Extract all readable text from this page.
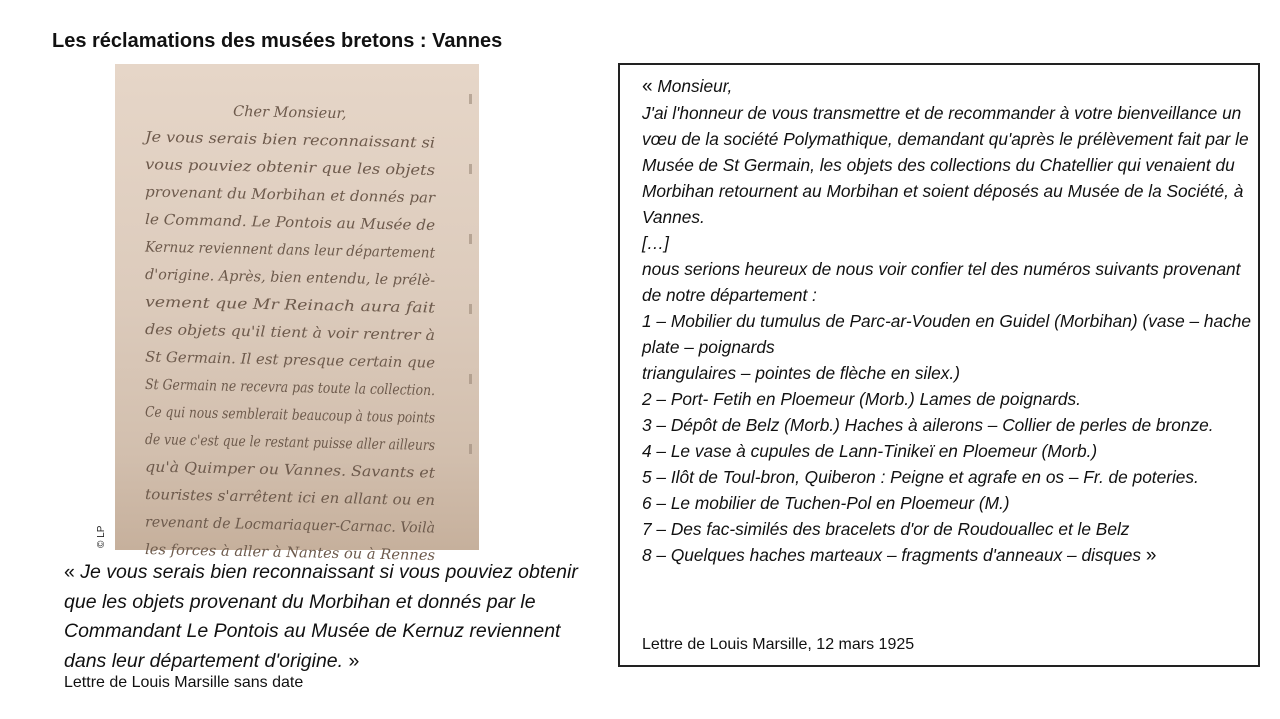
Les réclamations des musées bretons : Vannes
Cher Monsieur,
Je vous serais bien reconnaissant si
vous pouviez obtenir que les objets
provenant du Morbihan et donnés par
le Command. Le Pontois au Musée de
Kernuz reviennent dans leur département
d'origine. Après, bien entendu, le prélè-
vement que Mr Reinach aura fait
des objets qu'il tient à voir rentrer à
St Germain. Il est presque certain que
St Germain ne recevra pas toute la collection.
Ce qui nous semblerait beaucoup à tous points
de vue c'est que le restant puisse aller ailleurs
qu'à Quimper ou Vannes. Savants et
touristes s'arrêtent ici en allant ou en
revenant de Locmariaquer-Carnac. Voilà
les forces à aller à Nantes ou à Rennes
© LP
« Je vous serais bien reconnaissant si vous pouviez obtenir que les objets provenant du Morbihan et donnés par le Commandant Le Pontois au Musée de Kernuz reviennent dans leur département d'origine. »
Lettre de Louis Marsille sans date

« Monsieur,

J'ai l'honneur de vous transmettre et de recommander à votre bienveillance un vœu de la société Polymathique, demandant qu'après le prélèvement fait par le Musée de St Germain, les objets des collections du Chatellier qui venaient du Morbihan retournent au Morbihan et soient déposés au Musée de la Société, à Vannes.

[…]

nous serions heureux de nous voir confier tel des numéros suivants provenant de notre département :

1 – Mobilier du tumulus de Parc-ar-Vouden en Guidel (Morbihan) (vase – hache plate – poignards

triangulaires – pointes de flèche en silex.)

2 – Port- Fetih en Ploemeur (Morb.) Lames de poignards.

3 – Dépôt de Belz (Morb.) Haches à ailerons – Collier de perles de bronze.

4 – Le vase à cupules de Lann-Tinikeï en Ploemeur (Morb.)

5 – Ilôt de Toul-bron, Quiberon : Peigne et agrafe en os – Fr. de poteries.

6 – Le mobilier de Tuchen-Pol en Ploemeur (M.)

7 – Des fac-similés des bracelets d'or de Roudouallec et le Belz

8 – Quelques haches marteaux – fragments d'anneaux – disques »

Lettre de Louis Marsille, 12 mars 1925
